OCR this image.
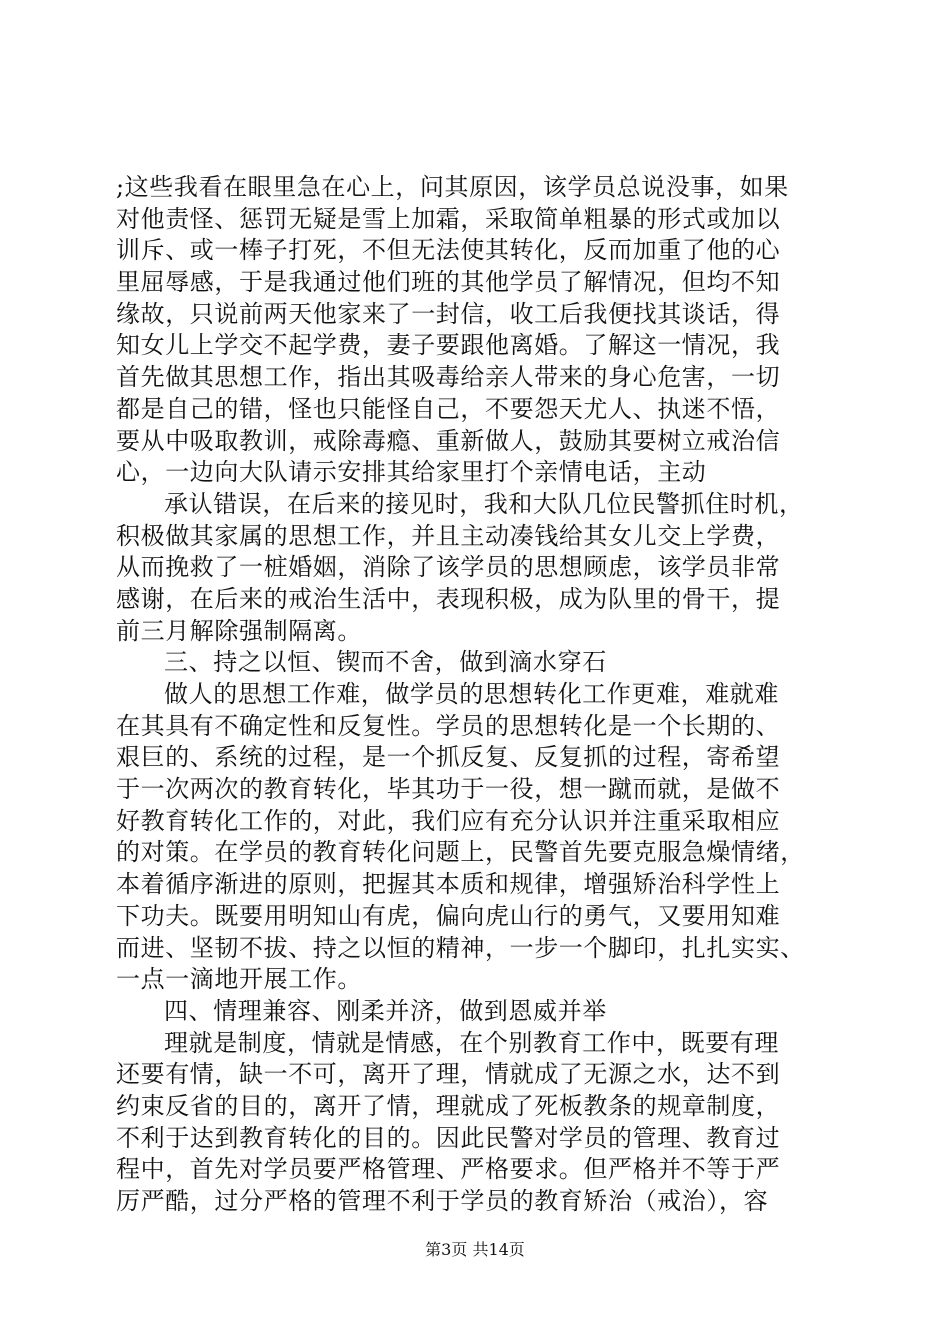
;这些我看在眼里急在心上，问其原因，该学员总说没事，如果
对他责怪、惩罚无疑是雪上加霜，采取简单粗暴的形式或加以
训斥、或一棒子打死，不但无法使其转化，反而加重了他的心
里屈辱感，于是我通过他们班的其他学员了解情况，但均不知
缘故，只说前两天他家来了一封信，收工后我便找其谈话，得
知女儿上学交不起学费，妻子要跟他离婚。了解这一情况，我
首先做其思想工作，指出其吸毒给亲人带来的身心危害，一切
都是自己的错，怪也只能怪自己，不要怨天尤人、执迷不悟，
要从中吸取教训，戒除毒瘾、重新做人，鼓励其要树立戒治信
心，一边向大队请示安排其给家里打个亲情电话，主动
承认错误，在后来的接见时，我和大队几位民警抓住时机，
积极做其家属的思想工作，并且主动凑钱给其女儿交上学费，
从而挽救了一桩婚姻，消除了该学员的思想顾虑，该学员非常
感谢，在后来的戒治生活中，表现积极，成为队里的骨干，提
前三月解除强制隔离。
三、持之以恒、锲而不舍，做到滴水穿石
做人的思想工作难，做学员的思想转化工作更难，难就难
在其具有不确定性和反复性。学员的思想转化是一个长期的、
艰巨的、系统的过程，是一个抓反复、反复抓的过程，寄希望
于一次两次的教育转化，毕其功于一役，想一蹴而就，是做不
好教育转化工作的，对此，我们应有充分认识并注重采取相应
的对策。在学员的教育转化问题上，民警首先要克服急燥情绪，
本着循序渐进的原则，把握其本质和规律，增强矫治科学性上
下功夫。既要用明知山有虎，偏向虎山行的勇气，又要用知难
而进、坚韧不拔、持之以恒的精神，一步一个脚印，扎扎实实、
一点一滴地开展工作。
四、情理兼容、刚柔并济，做到恩威并举
理就是制度，情就是情感，在个别教育工作中，既要有理
还要有情，缺一不可，离开了理，情就成了无源之水，达不到
约束反省的目的，离开了情，理就成了死板教条的规章制度，
不利于达到教育转化的目的。因此民警对学员的管理、教育过
程中，首先对学员要严格管理、严格要求。但严格并不等于严
厉严酷，过分严格的管理不利于学员的教育矫治（戒治），容
第3页 共14页
